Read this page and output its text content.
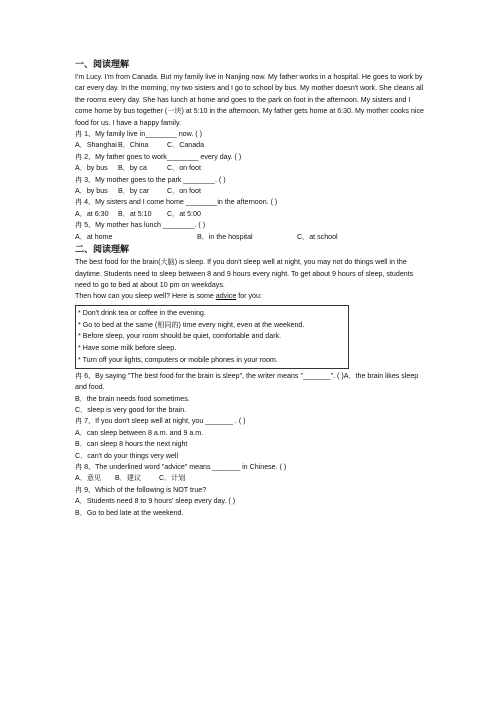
一、阅读理解

I'm Lucy. I'm from Canada. But my family live in Nanjing now. My father works in a hospital. He goes to work by car every day. In the morning, my two sisters and I go to school by bus. My mother doesn't work. She cleans all the rooms every day. She has lunch at home and goes to the park on foot in the afternoon. My sisters and I come home by bus together (一块) at 5:10 in the afternoon. My father gets home at 6:30. My mother cooks nice food for us. I have a happy family.

冉 1、My family live in________ now. ( )

A．ShanghaiB．China	C．Canada

冉 2、My father goes to work________ every day. ( )

A．by bus B．by ca	C．on foot

冉 3、My mother goes to the park ________. ( )

A．by bus B．by car	C．on foot

冉 4、My sisters and I come home ________in the afternoon. ( )

A．at 6:30 B．at 5:10 C．at 5:00

冉 5、My mother has lunch ________. ( )

A．at home	B．in the hospital	C．at school

二、阅读理解

The best food for the brain(大脑) is sleep. If you don't sleep well at night, you may not do things well in the daytime. Students need to sleep between 8 and 9 hours every night. To get about 9 hours of sleep, students need to go to bed at about 10 pm on weekdays.

Then how can you sleep well? Here is some advice for you:

* Don't drink tea or coffee in the evening.

* Go to bed at the same (相同的) time every night, even at the weekend.

* Before sleep, your room should be quiet, comfortable and dark.

* Have some milk before sleep.

* Turn off your lights, computers or mobile phones in your room.

冉 6、By saying "The best food for the brain is sleep", the writer means "_______". ( )A．the brain likes sleep and food.

B．the brain needs food sometimes.

C．sleep is very good for the brain.

冉 7、If you don't sleep well at night, you _______ . ( )

A．can sleep between 8 a.m. and 9 a.m.

B．can sleep 8 hours the next night

C．can't do your things very well

冉 8、The underlined word "advice" means _______ in Chinese. ( )

A．意见 B．建议	C．计划

冉 9、Which of the following is NOT true?

A．Students need 8 to 9 hours' sleep every day. ( )

B．Go to bed late at the weekend.
